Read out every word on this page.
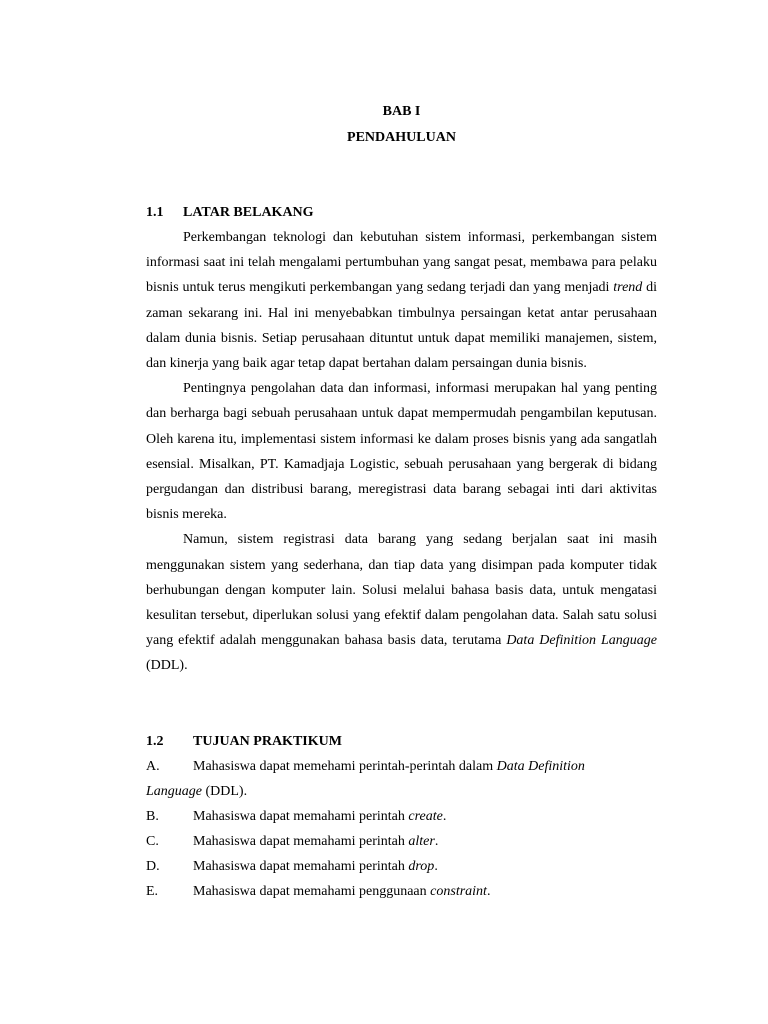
BAB I

PENDAHULUAN

1.1 LATAR BELAKANG

Perkembangan teknologi dan kebutuhan sistem informasi, perkembangan sistem informasi saat ini telah mengalami pertumbuhan yang sangat pesat, membawa para pelaku bisnis untuk terus mengikuti perkembangan yang sedang terjadi dan yang menjadi trend di zaman sekarang ini. Hal ini menyebabkan timbulnya persaingan ketat antar perusahaan dalam dunia bisnis. Setiap perusahaan dituntut untuk dapat memiliki manajemen, sistem, dan kinerja yang baik agar tetap dapat bertahan dalam persaingan dunia bisnis.

Pentingnya pengolahan data dan informasi, informasi merupakan hal yang penting dan berharga bagi sebuah perusahaan untuk dapat mempermudah pengambilan keputusan. Oleh karena itu, implementasi sistem informasi ke dalam proses bisnis yang ada sangatlah esensial. Misalkan, PT. Kamadjaja Logistic, sebuah perusahaan yang bergerak di bidang pergudangan dan distribusi barang, meregistrasi data barang sebagai inti dari aktivitas bisnis mereka.

Namun, sistem registrasi data barang yang sedang berjalan saat ini masih menggunakan sistem yang sederhana, dan tiap data yang disimpan pada komputer tidak berhubungan dengan komputer lain. Solusi melalui bahasa basis data, untuk mengatasi kesulitan tersebut, diperlukan solusi yang efektif dalam pengolahan data. Salah satu solusi yang efektif adalah menggunakan bahasa basis data, terutama Data Definition Language (DDL).

1.2 TUJUAN PRAKTIKUM

A. Mahasiswa dapat memehami perintah-perintah dalam Data Definition

Language (DDL).

B. Mahasiswa dapat memahami perintah create.

C. Mahasiswa dapat memahami perintah alter.

D. Mahasiswa dapat memahami perintah drop.

E. Mahasiswa dapat memahami penggunaan constraint.
